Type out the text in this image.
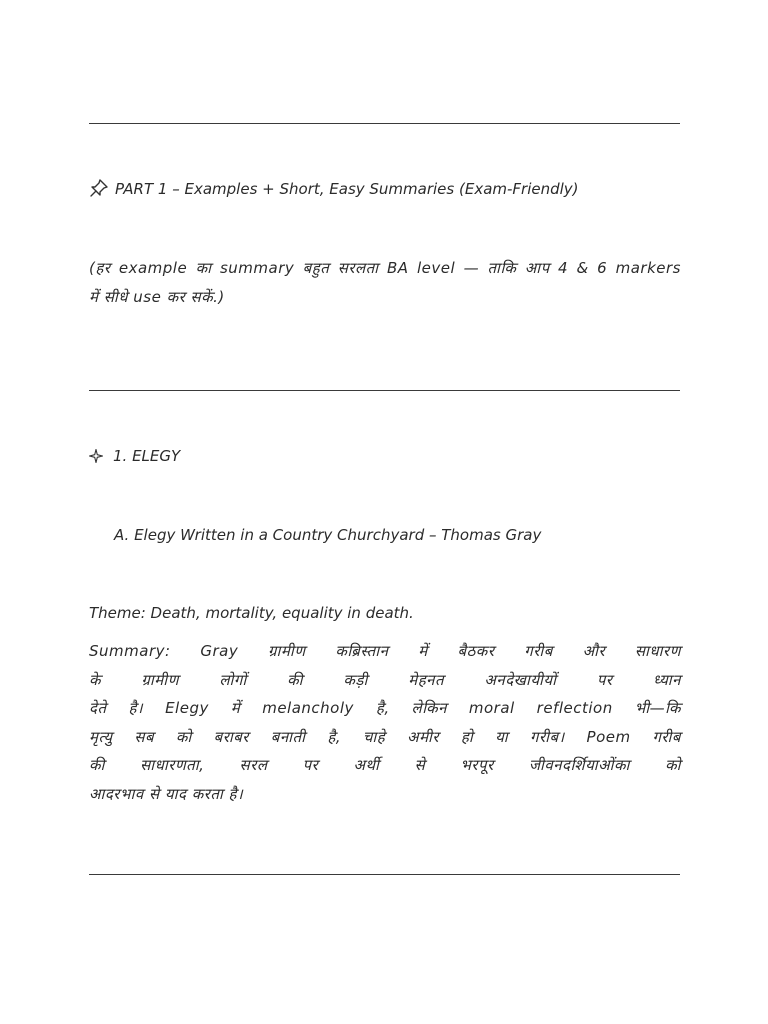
PART 1 – Examples + Short, Easy Summaries (Exam-Friendly)
(हर example का summary बहुत सरलता BA level — ताकि आप 4 & 6 markers
में सीधे use कर सकें.)
1. ELEGY
A. Elegy Written in a Country Churchyard – Thomas Gray
Theme: Death, mortality, equality in death.
Summary: Gray ग्रामीण कब्रिस्तान में बैठकर गरीब और साधारण
के ग्रामीण लोगों की कड़ी मेहनत अनदेखायीयों पर ध्यान
देते है। Elegy में melancholy है, लेकिन moral reflection भी—कि
मृत्यु सब को बराबर बनाती है, चाहे अमीर हो या गरीब। Poem गरीब
की साधारणता, सरल पर अर्थी से भरपूर जीवनदर्शियाओंका को
आदरभाव से याद करता है।
